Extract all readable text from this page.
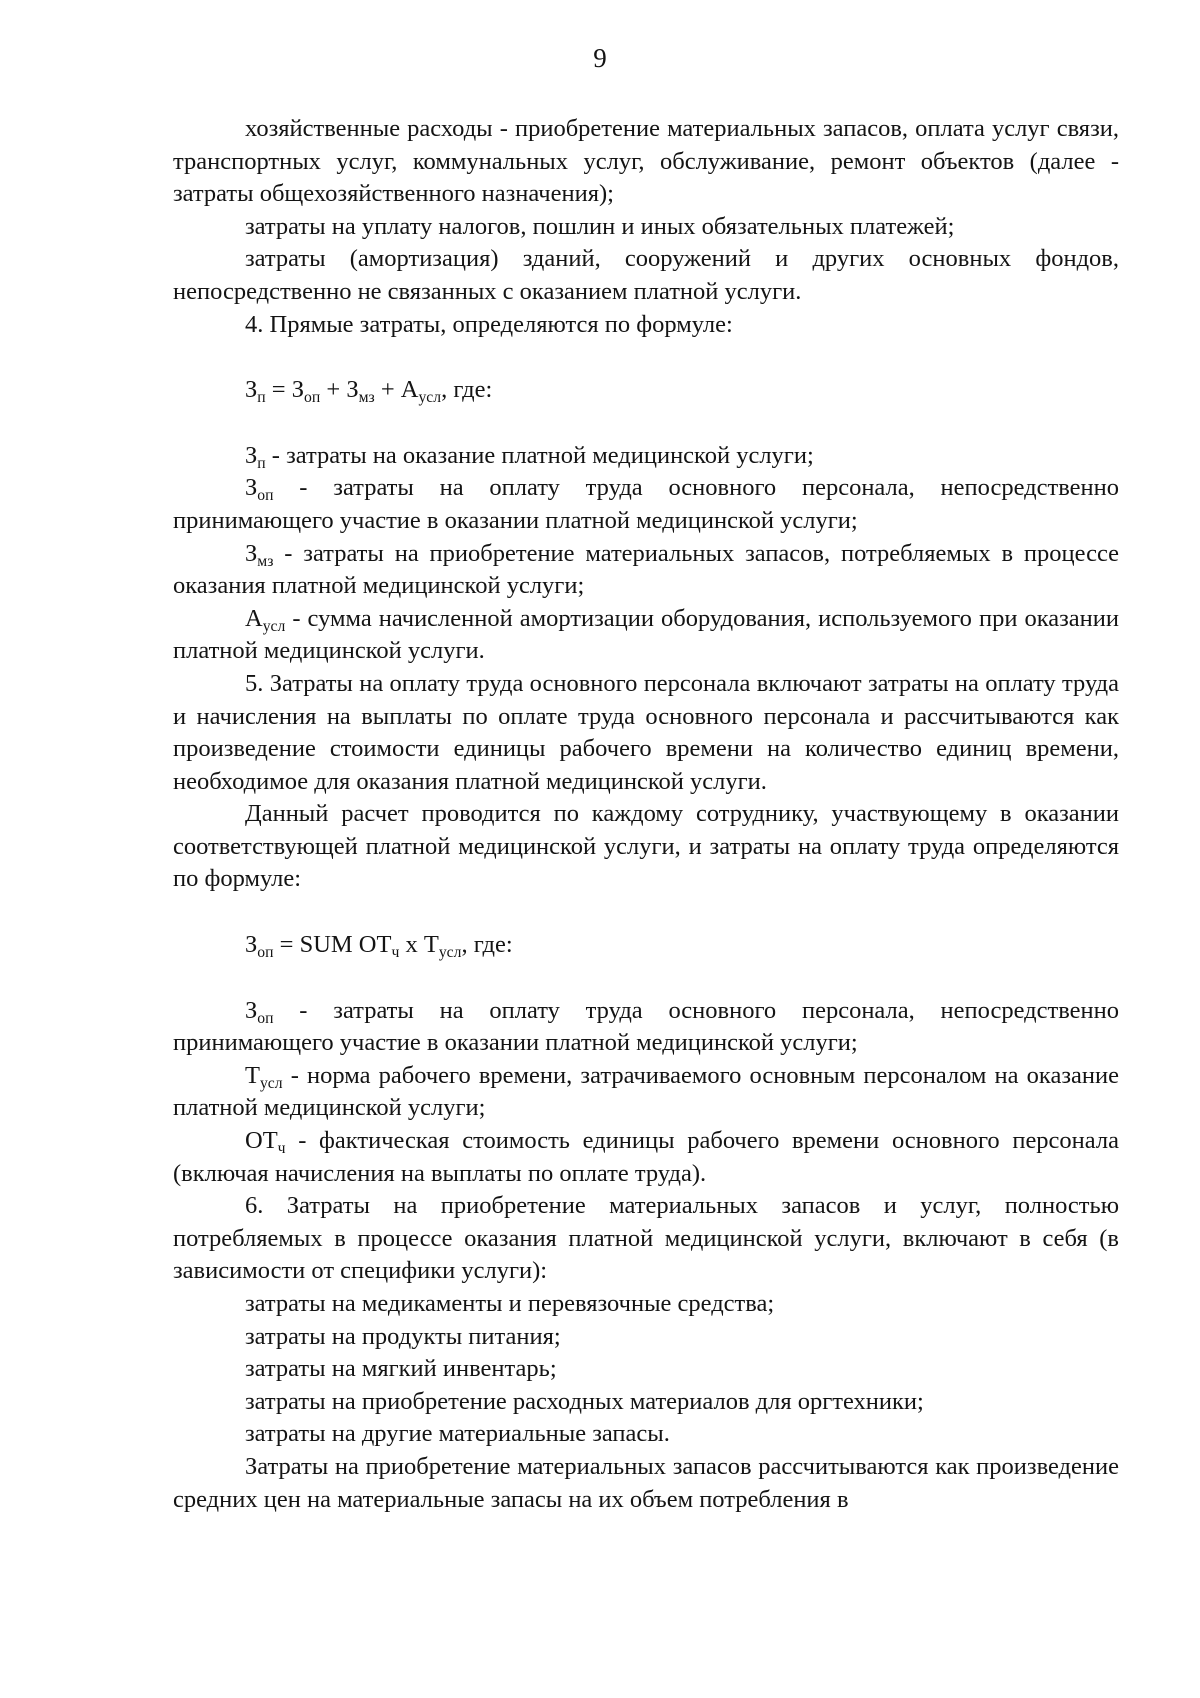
9

хозяйственные расходы - приобретение материальных запасов, оплата услуг связи, транспортных услуг, коммунальных услуг, обслуживание, ремонт объектов (далее - затраты общехозяйственного назначения);

затраты на уплату налогов, пошлин и иных обязательных платежей;

затраты (амортизация) зданий, сооружений и других основных фондов, непосредственно не связанных с оказанием платной услуги.

4. Прямые затраты, определяются по формуле:

$З_п = З_{оп} + З_{мз} + А_{усл}$, где:

$З_п$ - затраты на оказание платной медицинской услуги;

$З_{оп}$ - затраты на оплату труда основного персонала, непосредственно принимающего участие в оказании платной медицинской услуги;

$З_{мз}$ - затраты на приобретение материальных запасов, потребляемых в процессе оказания платной медицинской услуги;

$А_{усл}$ - сумма начисленной амортизации оборудования, используемого при оказании платной медицинской услуги.

5. Затраты на оплату труда основного персонала включают затраты на оплату труда и начисления на выплаты по оплате труда основного персонала и рассчитываются как произведение стоимости единицы рабочего времени на количество единиц времени, необходимое для оказания платной медицинской услуги.

Данный расчет проводится по каждому сотруднику, участвующему в оказании соответствующей платной медицинской услуги, и затраты на оплату труда определяются по формуле:

$З_{оп}$ = SUM $ОТ_ч$ х $Т_{усл}$, где:

$З_{оп}$ - затраты на оплату труда основного персонала, непосредственно принимающего участие в оказании платной медицинской услуги;

$Т_{усл}$ - норма рабочего времени, затрачиваемого основным персоналом на оказание платной медицинской услуги;

$ОТ_ч$ - фактическая стоимость единицы рабочего времени основного персонала (включая начисления на выплаты по оплате труда).

6. Затраты на приобретение материальных запасов и услуг, полностью потребляемых в процессе оказания платной медицинской услуги, включают в себя (в зависимости от специфики услуги):

затраты на медикаменты и перевязочные средства;

затраты на продукты питания;

затраты на мягкий инвентарь;

затраты на приобретение расходных материалов для оргтехники;

затраты на другие материальные запасы.

Затраты на приобретение материальных запасов рассчитываются как произведение средних цен на материальные запасы на их объем потребления в
